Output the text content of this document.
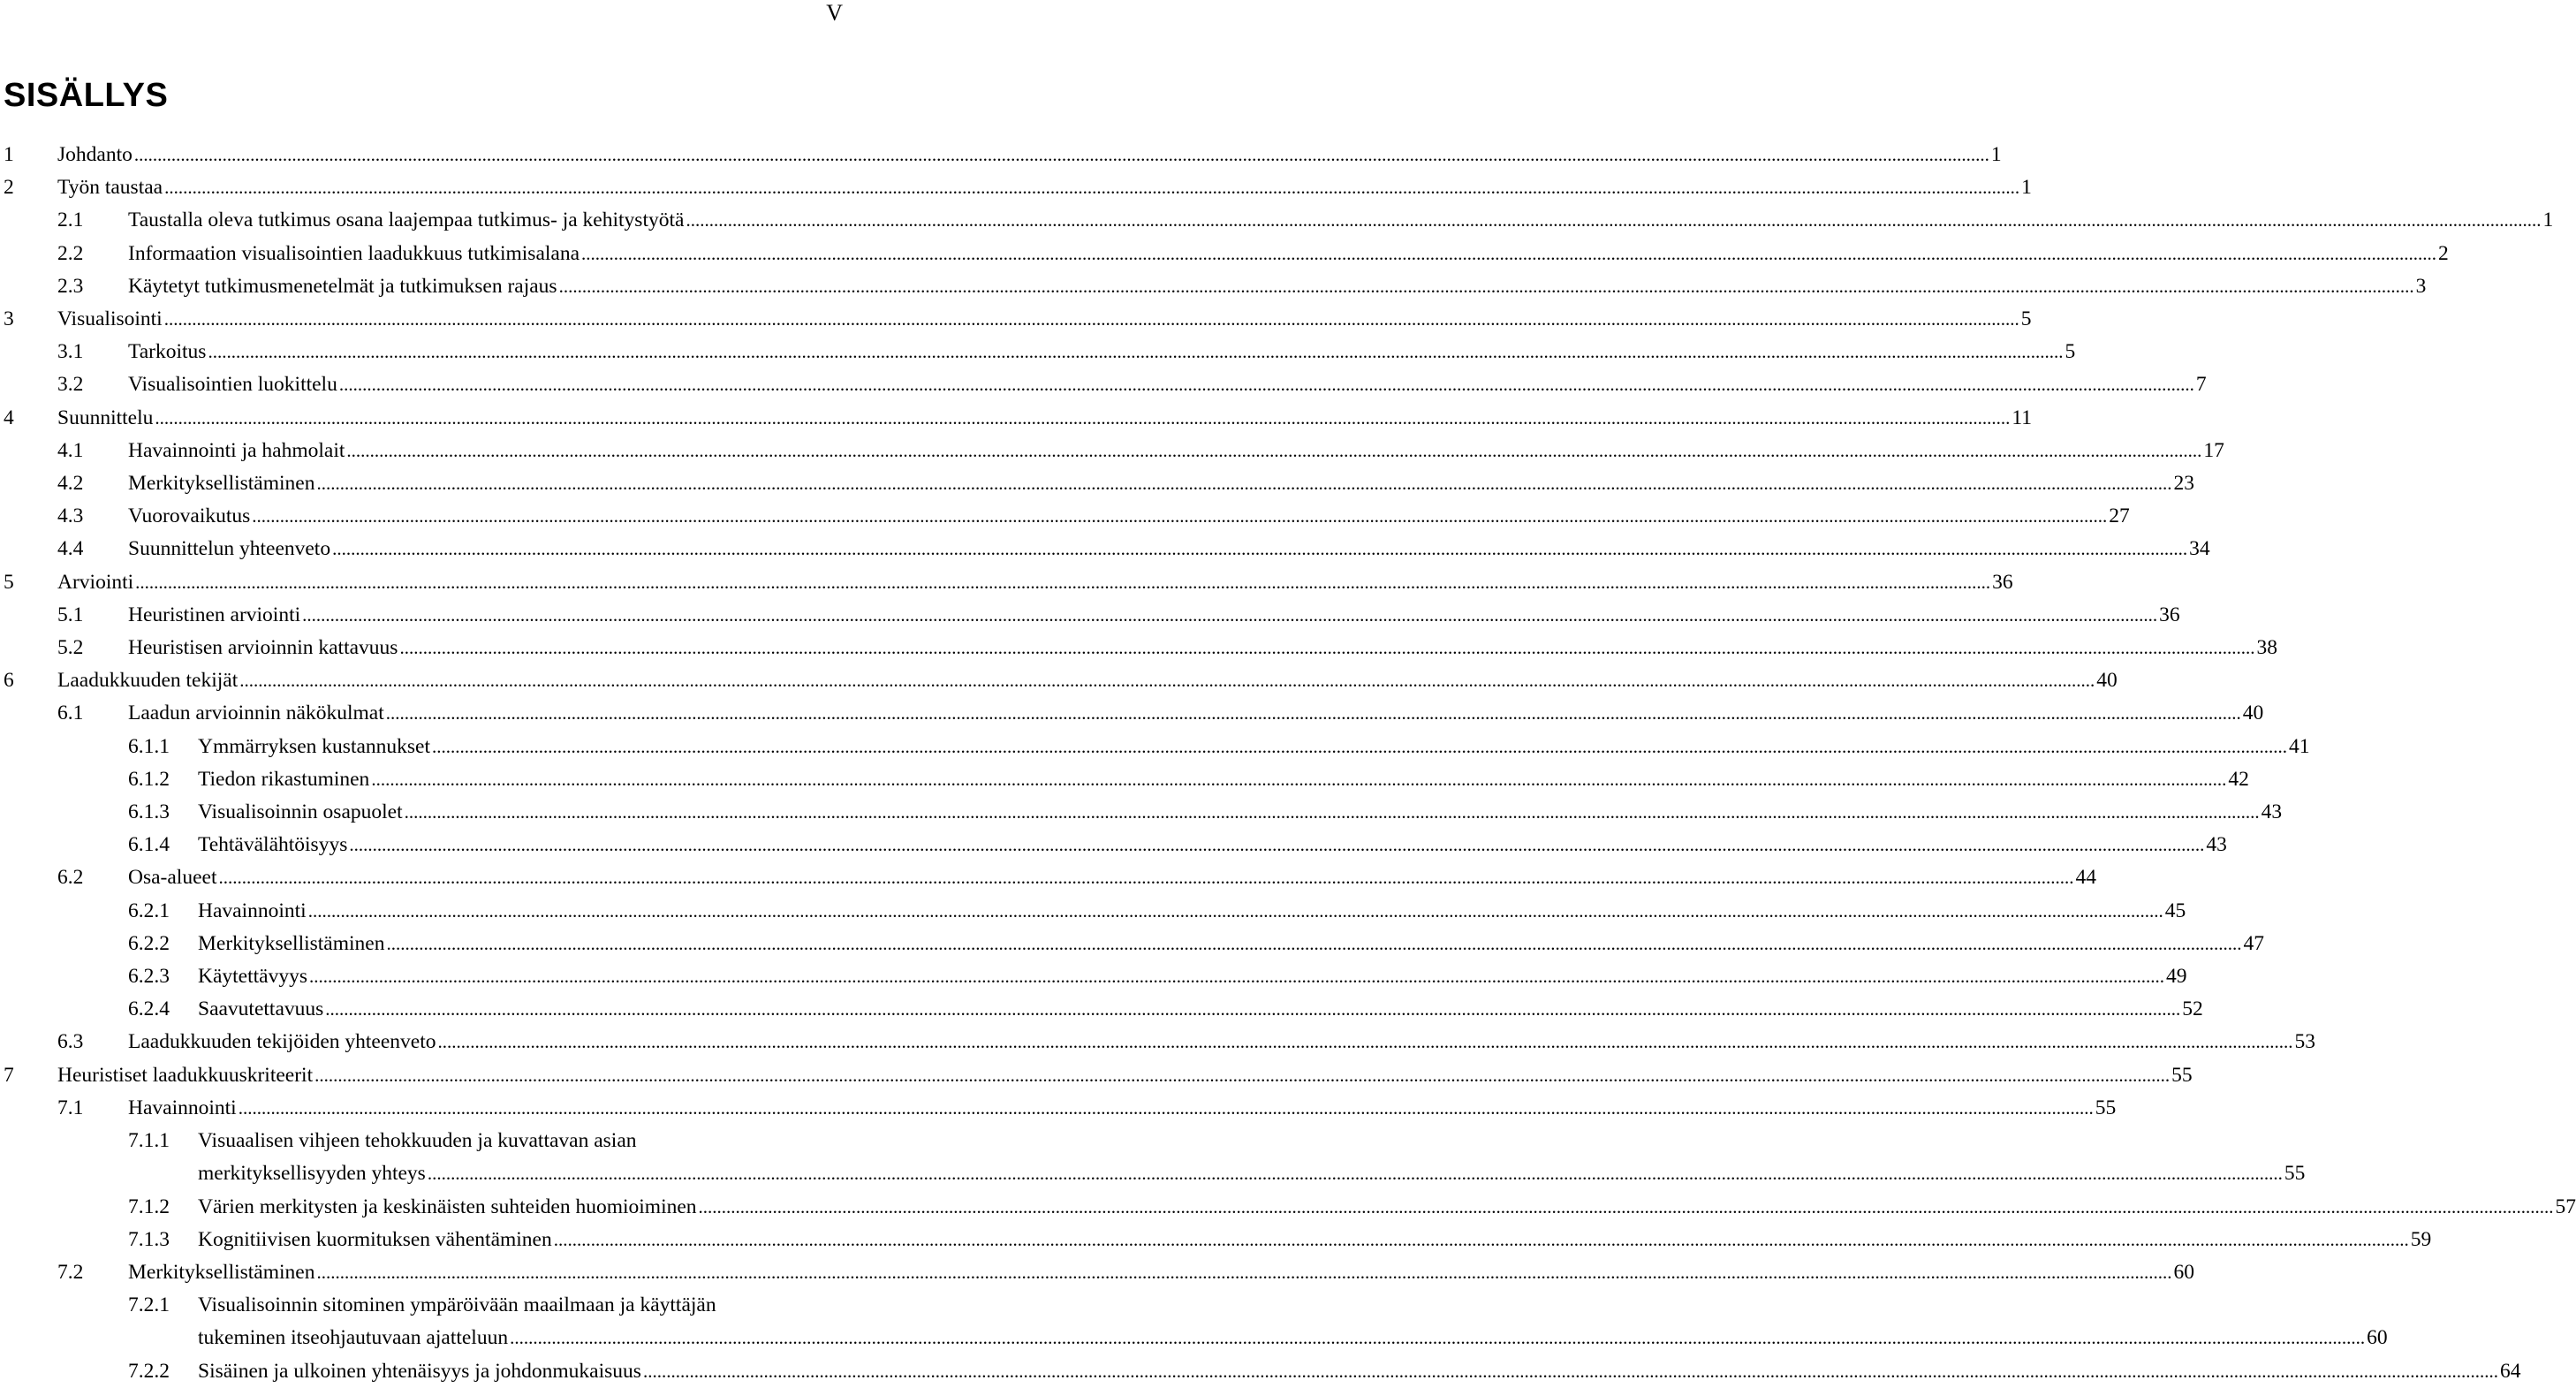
V
SISÄLLYS
1	Johdanto ................................................................................................................................................................................................................................................................................................................................................................................................................ 1
2	Työn taustaa ................................................................................................................................................................................................................................................................................................................................................................................................................ 1
2.1	Taustalla oleva tutkimus osana laajempaa tutkimus- ja kehitystyötä ................................................................................................................................................................................................................................................................................................................................................................................................................ 1
2.2	Informaation visualisointien laadukkuus tutkimisalana ................................................................................................................................................................................................................................................................................................................................................................................................................ 2
2.3	Käytetyt tutkimusmenetelmät ja tutkimuksen rajaus ................................................................................................................................................................................................................................................................................................................................................................................................................ 3
3	Visualisointi ................................................................................................................................................................................................................................................................................................................................................................................................................ 5
3.1	Tarkoitus ................................................................................................................................................................................................................................................................................................................................................................................................................ 5
3.2	Visualisointien luokittelu ................................................................................................................................................................................................................................................................................................................................................................................................................ 7
4	Suunnittelu ................................................................................................................................................................................................................................................................................................................................................................................................................ 11
4.1	Havainnointi ja hahmolait ................................................................................................................................................................................................................................................................................................................................................................................................................ 17
4.2	Merkityksellistäminen ................................................................................................................................................................................................................................................................................................................................................................................................................ 23
4.3	Vuorovaikutus ................................................................................................................................................................................................................................................................................................................................................................................................................ 27
4.4	Suunnittelun yhteenveto ................................................................................................................................................................................................................................................................................................................................................................................................................ 34
5	Arviointi ................................................................................................................................................................................................................................................................................................................................................................................................................ 36
5.1	Heuristinen arviointi ................................................................................................................................................................................................................................................................................................................................................................................................................ 36
5.2	Heuristisen arvioinnin kattavuus ................................................................................................................................................................................................................................................................................................................................................................................................................ 38
6	Laadukkuuden tekijät ................................................................................................................................................................................................................................................................................................................................................................................................................ 40
6.1	Laadun arvioinnin näkökulmat ................................................................................................................................................................................................................................................................................................................................................................................................................ 40
6.1.1	Ymmärryksen kustannukset ................................................................................................................................................................................................................................................................................................................................................................................................................ 41
6.1.2	Tiedon rikastuminen ................................................................................................................................................................................................................................................................................................................................................................................................................ 42
6.1.3	Visualisoinnin osapuolet ................................................................................................................................................................................................................................................................................................................................................................................................................ 43
6.1.4	Tehtävälähtöisyys ................................................................................................................................................................................................................................................................................................................................................................................................................ 43
6.2	Osa-alueet ................................................................................................................................................................................................................................................................................................................................................................................................................ 44
6.2.1	Havainnointi ................................................................................................................................................................................................................................................................................................................................................................................................................ 45
6.2.2	Merkityksellistäminen ................................................................................................................................................................................................................................................................................................................................................................................................................ 47
6.2.3	Käytettävyys ................................................................................................................................................................................................................................................................................................................................................................................................................ 49
6.2.4	Saavutettavuus ................................................................................................................................................................................................................................................................................................................................................................................................................ 52
6.3	Laadukkuuden tekijöiden yhteenveto ................................................................................................................................................................................................................................................................................................................................................................................................................ 53
7	Heuristiset laadukkuuskriteerit ................................................................................................................................................................................................................................................................................................................................................................................................................ 55
7.1	Havainnointi ................................................................................................................................................................................................................................................................................................................................................................................................................ 55
7.1.1	Visuaalisen vihjeen tehokkuuden ja kuvattavan asian
merkityksellisyyden yhteys ................................................................................................................................................................................................................................................................................................................................................................................................................ 55
7.1.2	Värien merkitysten ja keskinäisten suhteiden huomioiminen ................................................................................................................................................................................................................................................................................................................................................................................................................ 57
7.1.3	Kognitiivisen kuormituksen vähentäminen ................................................................................................................................................................................................................................................................................................................................................................................................................ 59
7.2	Merkityksellistäminen ................................................................................................................................................................................................................................................................................................................................................................................................................ 60
7.2.1	Visualisoinnin sitominen ympäröivään maailmaan ja käyttäjän
tukeminen itseohjautuvaan ajatteluun ................................................................................................................................................................................................................................................................................................................................................................................................................ 60
7.2.2	Sisäinen ja ulkoinen yhtenäisyys ja johdonmukaisuus ................................................................................................................................................................................................................................................................................................................................................................................................................ 64
